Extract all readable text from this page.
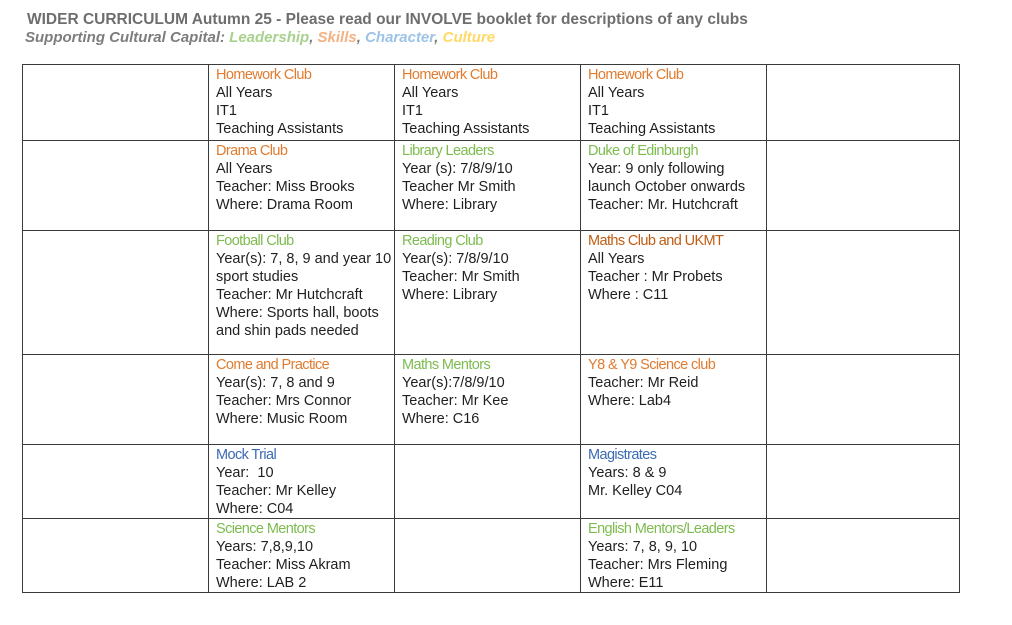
WIDER CURRICULUM Autumn 25 - Please read our INVOLVE booklet for descriptions of any clubs
Supporting Cultural Capital: Leadership, Skills, Character, Culture

	Homework Club
All Years
IT1
Teaching Assistants	Homework Club
All Years
IT1
Teaching Assistants	Homework Club
All Years
IT1
Teaching Assistants	

	Drama Club
All Years
Teacher: Miss Brooks
Where: Drama Room	Library Leaders
Year (s): 7/8/9/10
Teacher Mr Smith
Where: Library	Duke of Edinburgh
Year: 9 only following launch October onwards
Teacher: Mr. Hutchcraft	

	Football Club
Year(s): 7, 8, 9 and year 10 sport studies
Teacher: Mr Hutchcraft
Where: Sports hall, boots and shin pads needed	Reading Club
Year(s): 7/8/9/10
Teacher: Mr Smith
Where: Library	Maths Club and UKMT
All Years
Teacher : Mr Probets
Where : C11	

	Come and Practice
Year(s): 7, 8 and 9
Teacher: Mrs Connor
Where: Music Room	Maths Mentors
Year(s):7/8/9/10
Teacher: Mr Kee
Where: C16	Y8 & Y9 Science club
Teacher: Mr Reid
Where: Lab4	

	Mock Trial
Year:  10
Teacher: Mr Kelley
Where: C04		Magistrates
Years: 8 & 9
Mr. Kelley C04	

	Science Mentors
Years: 7,8,9,10
Teacher: Miss Akram
Where: LAB 2		English Mentors/Leaders
Years: 7, 8, 9, 10
Teacher: Mrs Fleming
Where: E11	
